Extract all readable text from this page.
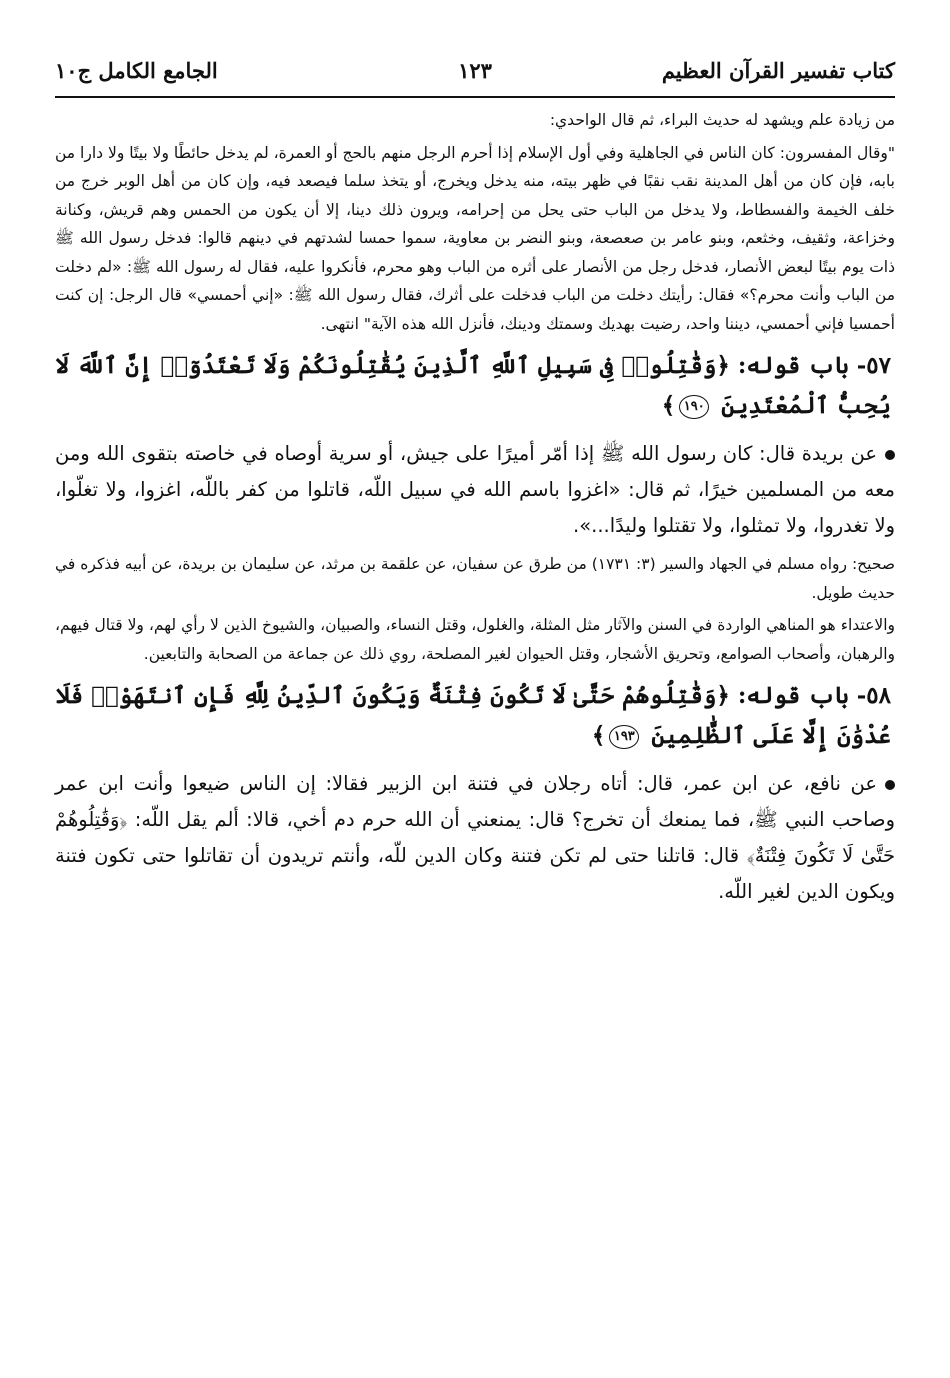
كتاب تفسير القرآن العظيم
١٢٣
الجامع الكامل ج١٠

من زيادة علم ويشهد له حديث البراء، ثم قال الواحدي:

"وقال المفسرون: كان الناس في الجاهلية وفي أول الإسلام إذا أحرم الرجل منهم بالحج أو العمرة، لم يدخل حائطًا ولا بيتًا ولا دارا من بابه، فإن كان من أهل المدينة نقب نقبًا في ظهر بيته، منه يدخل ويخرج، أو يتخذ سلما فيصعد فيه، وإن كان من أهل الوبر خرج من خلف الخيمة والفسطاط، ولا يدخل من الباب حتى يحل من إحرامه، ويرون ذلك دينا، إلا أن يكون من الحمس وهم قريش، وكنانة وخزاعة، وثقيف، وخثعم، وبنو عامر بن صعصعة، وبنو النضر بن معاوية، سموا حمسا لشدتهم في دينهم قالوا: فدخل رسول الله ﷺ ذات يوم بيتًا لبعض الأنصار، فدخل رجل من الأنصار على أثره من الباب وهو محرم، فأنكروا عليه، فقال له رسول الله ﷺ: «لم دخلت من الباب وأنت محرم؟» فقال: رأيتك دخلت من الباب فدخلت على أثرك، فقال رسول الله ﷺ: «إني أحمسي» قال الرجل: إن كنت أحمسيا فإني أحمسي، ديننا واحد، رضيت بهديك وسمتك ودينك، فأنزل الله هذه الآية" انتهى.

٥٧- باب قوله: ﴿وَقَٰتِلُوا۟ فِى سَبِيلِ ٱللَّهِ ٱلَّذِينَ يُقَٰتِلُونَكُمْ وَلَا تَعْتَدُوٓا۟ إِنَّ ٱللَّهَ لَا يُحِبُّ ٱلْمُعْتَدِينَ ١٩٠﴾

عن بريدة قال: كان رسول الله ﷺ إذا أمّر أميرًا على جيش، أو سرية أوصاه في خاصته بتقوى الله ومن معه من المسلمين خيرًا، ثم قال: «اغزوا باسم الله في سبيل اللّه، قاتلوا من كفر باللّه، اغزوا، ولا تغلّوا، ولا تغدروا، ولا تمثلوا، ولا تقتلوا وليدًا...».

صحيح: رواه مسلم في الجهاد والسير (٣: ١٧٣١) من طرق عن سفيان، عن علقمة بن مرثد، عن سليمان بن بريدة، عن أبيه فذكره في حديث طويل.

والاعتداء هو المناهي الواردة في السنن والآثار مثل المثلة، والغلول، وقتل النساء، والصبيان، والشيوخ الذين لا رأي لهم، ولا قتال فيهم، والرهبان، وأصحاب الصوامع، وتحريق الأشجار، وقتل الحيوان لغير المصلحة، روي ذلك عن جماعة من الصحابة والتابعين.

٥٨- باب قوله: ﴿وَقَٰتِلُوهُمْ حَتَّىٰ لَا تَكُونَ فِتْنَةٌ وَيَكُونَ ٱلدِّينُ لِلَّهِ فَإِنِ ٱنتَهَوْا۟ فَلَا عُدْوَٰنَ إِلَّا عَلَى ٱلظَّٰلِمِينَ ١٩٣﴾

عن نافع، عن ابن عمر، قال: أتاه رجلان في فتنة ابن الزبير فقالا: إن الناس ضيعوا وأنت ابن عمر وصاحب النبي ﷺ، فما يمنعك أن تخرج؟ قال: يمنعني أن الله حرم دم أخي، قالا: ألم يقل اللّه: ﴿وَقَٰتِلُوهُمْ حَتَّىٰ لَا تَكُونَ فِتْنَةٌ﴾ قال: قاتلنا حتى لم تكن فتنة وكان الدين للّه، وأنتم تريدون أن تقاتلوا حتى تكون فتنة ويكون الدين لغير اللّه.
